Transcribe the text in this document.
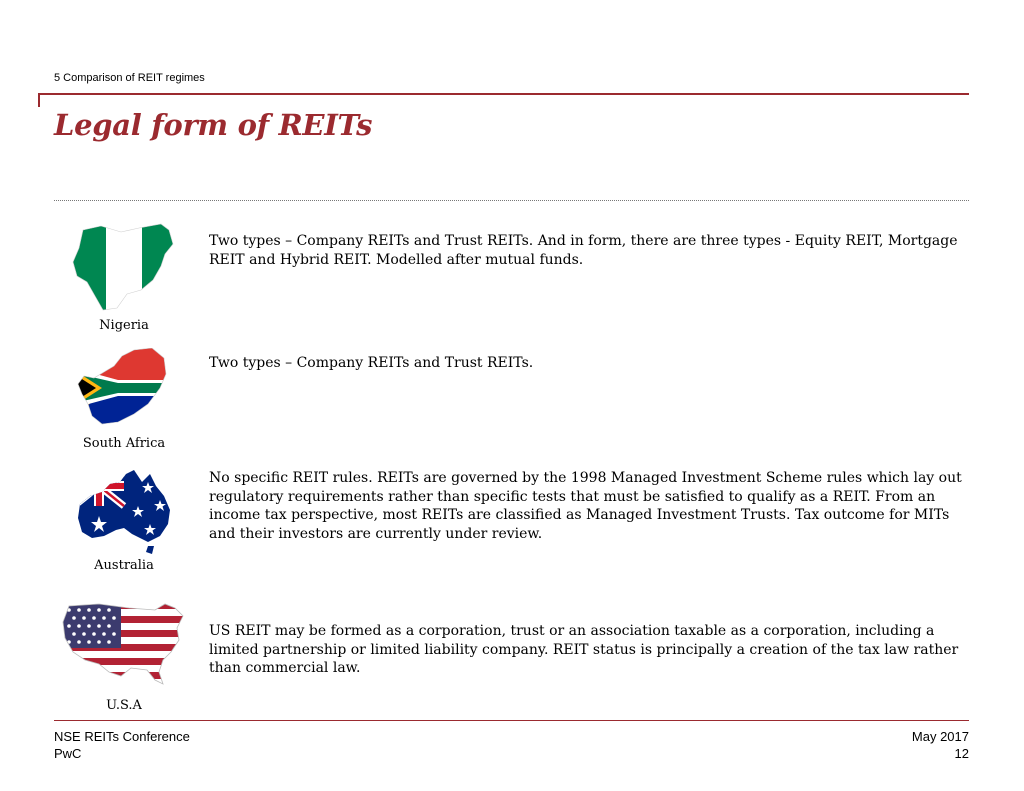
5 Comparison of REIT regimes
Legal form of REITs
Nigeria

Two types – Company REITs and Trust REITs. And in form, there are three types - Equity REIT, Mortgage REIT and Hybrid REIT. Modelled after mutual funds.

South Africa

Two types – Company REITs and Trust REITs.

Australia

No specific REIT rules. REITs are governed by the 1998 Managed Investment Scheme rules which lay out regulatory requirements rather than specific tests that must be satisfied to qualify as a REIT. From an income tax perspective, most REITs are classified as Managed Investment Trusts. Tax outcome for MITs and their investors are currently under review.

U.S.A

US REIT may be formed as a corporation, trust or an association taxable as a corporation, including a limited partnership or limited liability company. REIT status is principally a creation of the tax law rather than commercial law.

NSE REITs Conference
PwC
May 2017
12
